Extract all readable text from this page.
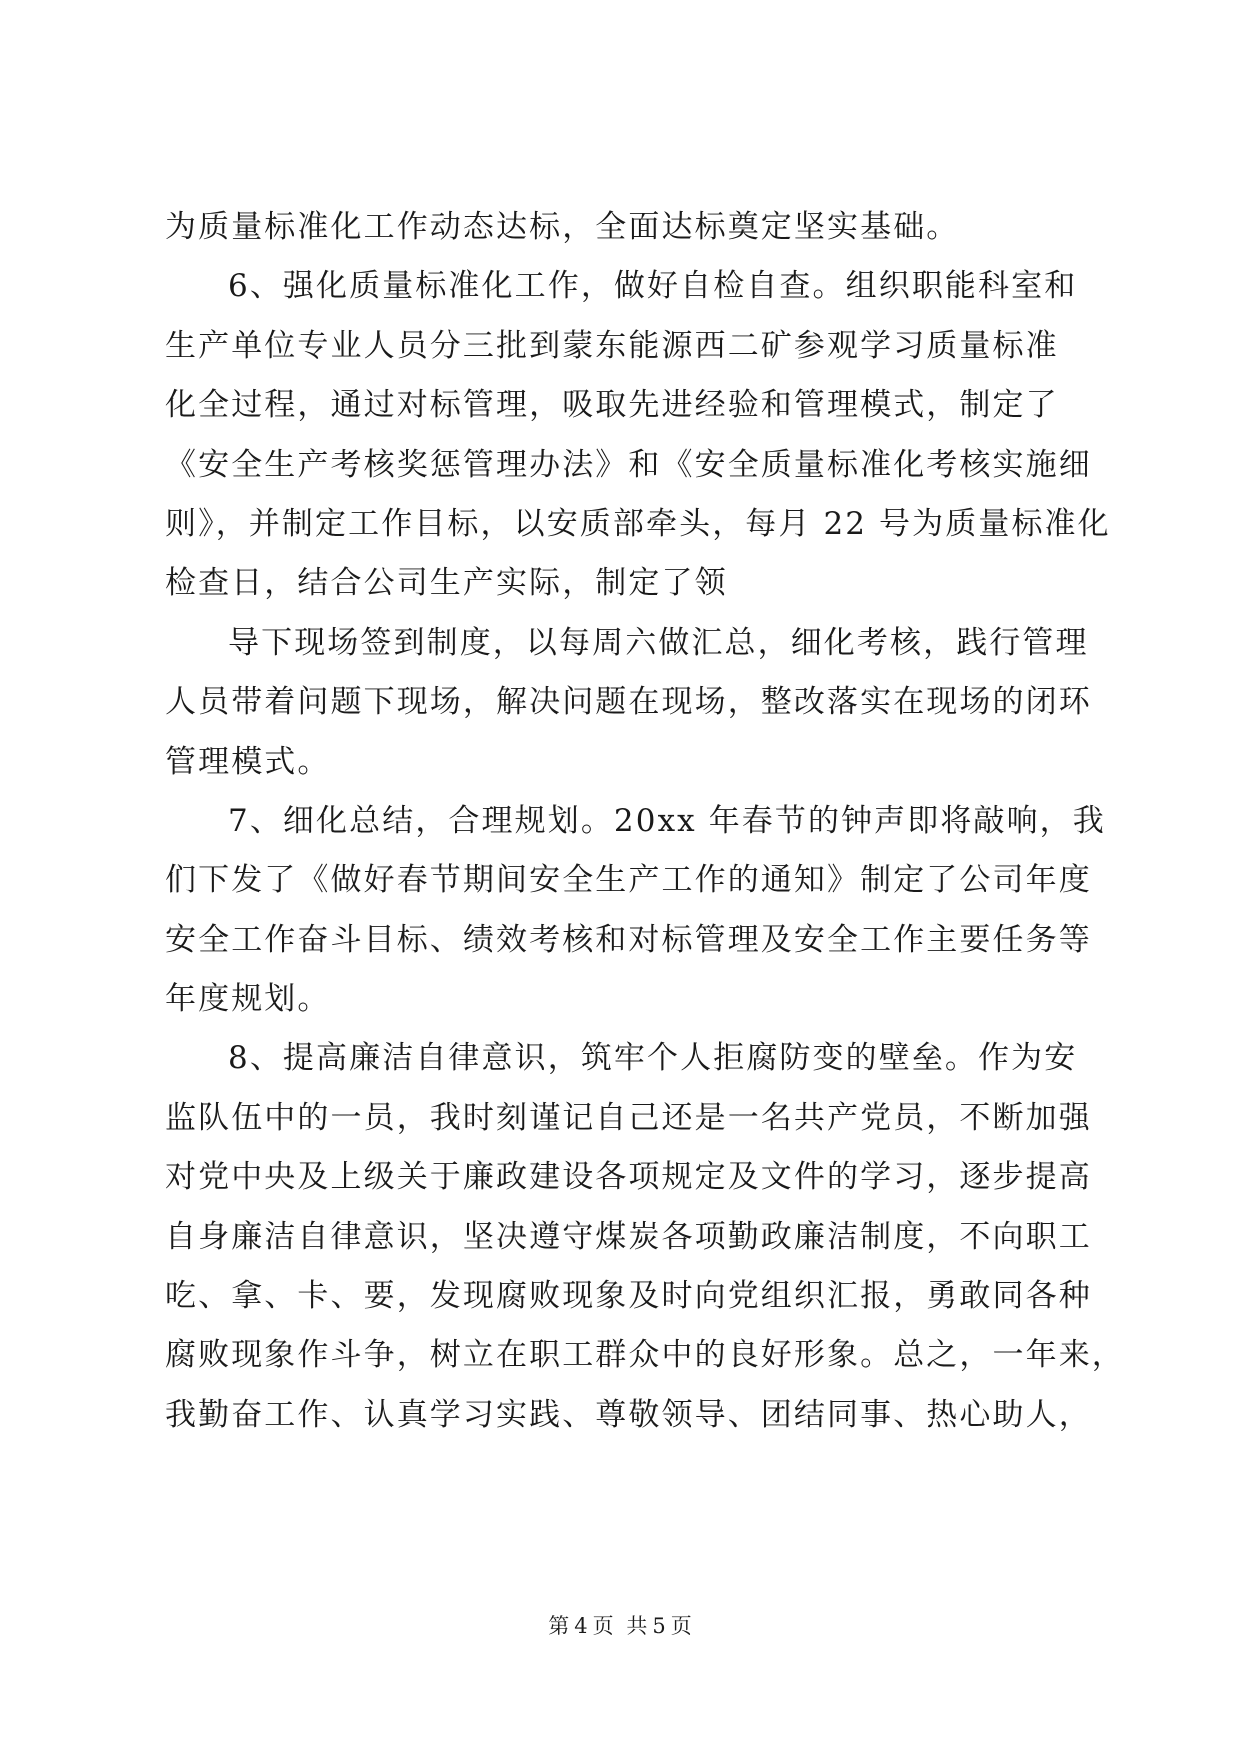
为质量标准化工作动态达标，全面达标奠定坚实基础。
6、强化质量标准化工作，做好自检自查。组织职能科室和
生产单位专业人员分三批到蒙东能源西二矿参观学习质量标准
化全过程，通过对标管理，吸取先进经验和管理模式，制定了
《安全生产考核奖惩管理办法》和《安全质量标准化考核实施细
则》，并制定工作目标，以安质部牵头，每月 22 号为质量标准化
检查日，结合公司生产实际，制定了领
导下现场签到制度，以每周六做汇总，细化考核，践行管理
人员带着问题下现场，解决问题在现场，整改落实在现场的闭环
管理模式。
7、细化总结，合理规划。20xx 年春节的钟声即将敲响，我
们下发了《做好春节期间安全生产工作的通知》制定了公司年度
安全工作奋斗目标、绩效考核和对标管理及安全工作主要任务等
年度规划。
8、提高廉洁自律意识，筑牢个人拒腐防变的壁垒。作为安
监队伍中的一员，我时刻谨记自己还是一名共产党员，不断加强
对党中央及上级关于廉政建设各项规定及文件的学习，逐步提高
自身廉洁自律意识，坚决遵守煤炭各项勤政廉洁制度，不向职工
吃、拿、卡、要，发现腐败现象及时向党组织汇报，勇敢同各种
腐败现象作斗争，树立在职工群众中的良好形象。总之，一年来，
我勤奋工作、认真学习实践、尊敬领导、团结同事、热心助人，
第 4 页 共 5 页
